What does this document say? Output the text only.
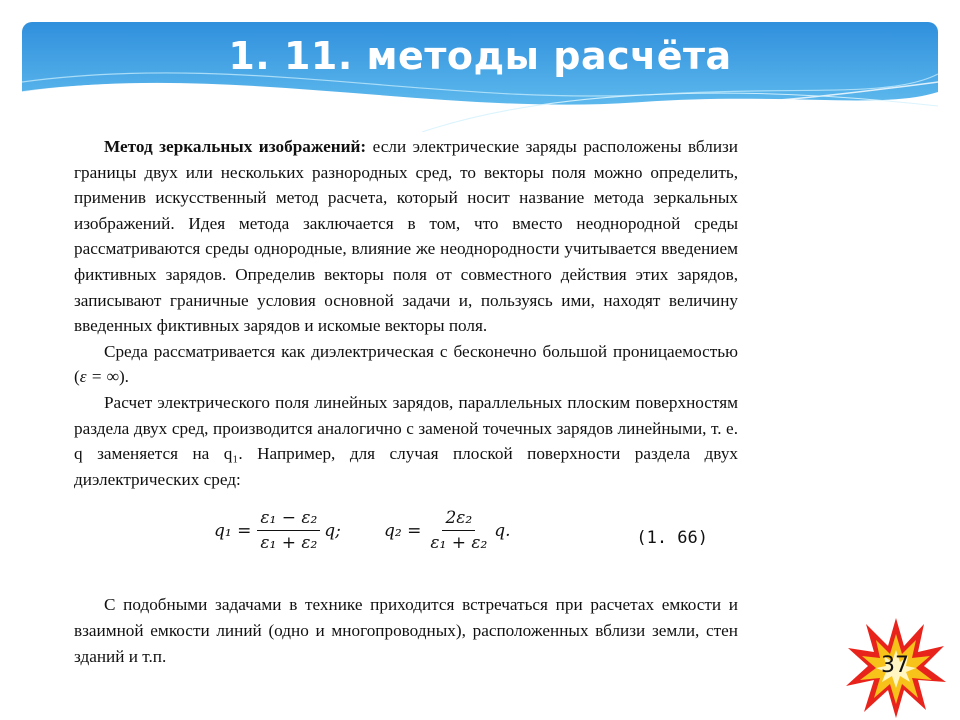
1. 11. методы расчёта

Метод зеркальных изображений: если электрические заряды расположены вблизи границы двух или нескольких разнородных сред, то векторы поля можно определить, применив искусственный метод расчета, который носит название метода зеркальных изображений. Идея метода заключается в том, что вместо неоднородной среды рассматриваются среды однородные, влияние же неоднородности учитывается введением фиктивных зарядов. Определив векторы поля от совместного действия этих зарядов, записывают граничные условия основной задачи и, пользуясь ими, находят величину введенных фиктивных зарядов и искомые векторы поля.

Среда рассматривается как диэлектрическая с бесконечно большой проницаемостью (ε = ∞).

Расчет электрического поля линейных зарядов, параллельных плоским поверхностям раздела двух сред, производится аналогично с заменой точечных зарядов линейными, т. е. q заменяется на q₁. Например, для случая плоской поверхности раздела двух диэлектрических сред:

$q_1 = \frac{\text{ε₁ − ε₂}}{\text{ε₁ + ε₂}} q$;	$q_2 = \frac{\text{2ε₂}}{\text{ε₁ + ε₂}} q$.	(1. 66)

С подобными задачами в технике приходится встречаться при расчетах емкости и взаимной емкости линий (одно и многопроводных), расположенных вблизи земли, стен зданий и т.п.	37
